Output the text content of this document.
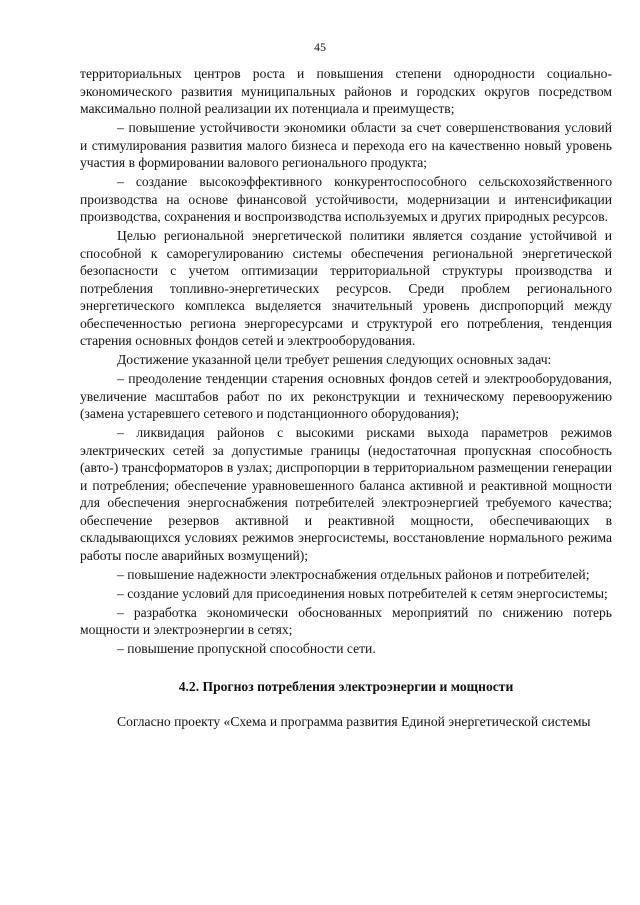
45

территориальных центров роста и повышения степени однородности социально-экономического развития муниципальных районов и городских округов посредством максимально полной реализации их потенциала и преимуществ;

– повышение устойчивости экономики области за счет совершенствования условий и стимулирования развития малого бизнеса и перехода его на качественно новый уровень участия в формировании валового регионального продукта;

– создание высокоэффективного конкурентоспособного сельскохозяйственного производства на основе финансовой устойчивости, модернизации и интенсификации производства, сохранения и воспроизводства используемых и других природных ресурсов.

Целью региональной энергетической политики является создание устойчивой и способной к саморегулированию системы обеспечения региональной энергетической безопасности с учетом оптимизации территориальной структуры производства и потребления топливно-энергетических ресурсов. Среди проблем регионального энергетического комплекса выделяется значительный уровень диспропорций между обеспеченностью региона энергоресурсами и структурой его потребления, тенденция старения основных фондов сетей и электрооборудования.

Достижение указанной цели требует решения следующих основных задач:

– преодоление тенденции старения основных фондов сетей и электрооборудования, увеличение масштабов работ по их реконструкции и техническому перевооружению (замена устаревшего сетевого и подстанционного оборудования);

– ликвидация районов с высокими рисками выхода параметров режимов электрических сетей за допустимые границы (недостаточная пропускная способность (авто-) трансформаторов в узлах; диспропорции в территориальном размещении генерации и потребления; обеспечение уравновешенного баланса активной и реактивной мощности для обеспечения энергоснабжения потребителей электроэнергией требуемого качества; обеспечение резервов активной и реактивной мощности, обеспечивающих в складывающихся условиях режимов энергосистемы, восстановление нормального режима работы после аварийных возмущений);

– повышение надежности электроснабжения отдельных районов и потребителей;

– создание условий для присоединения новых потребителей к сетям энергосистемы;

– разработка экономически обоснованных мероприятий по снижению потерь мощности и электроэнергии в сетях;

– повышение пропускной способности сети.

4.2. Прогноз потребления электроэнергии и мощности

Согласно проекту «Схема и программа развития Единой энергетической системы
